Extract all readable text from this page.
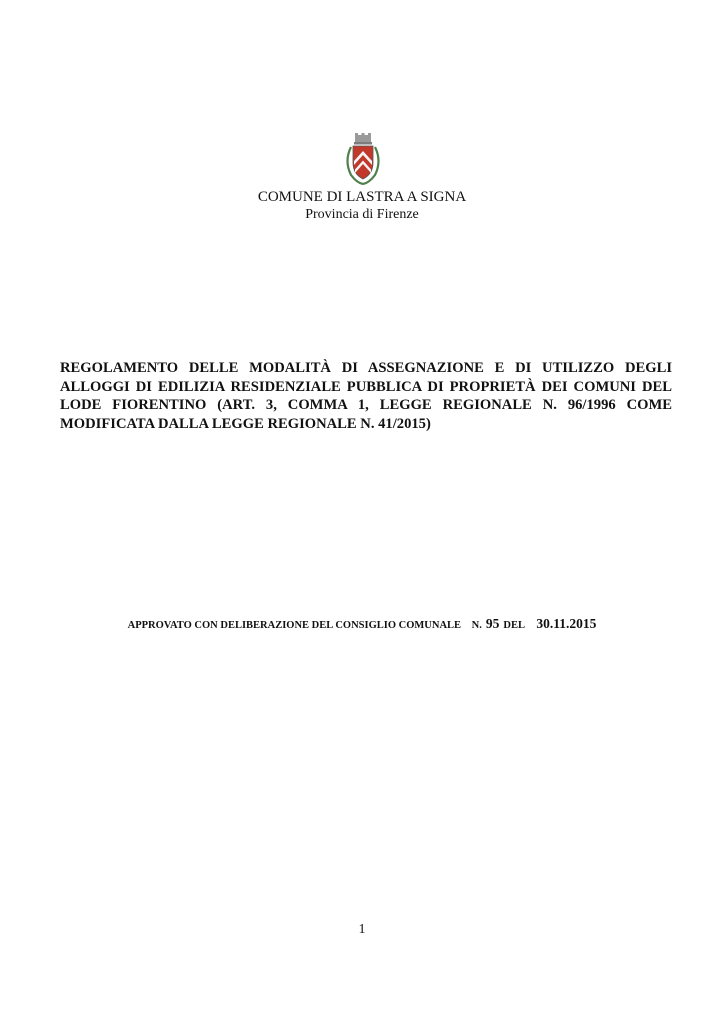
COMUNE DI LASTRA A SIGNA
Provincia di Firenze
REGOLAMENTO DELLE MODALITÀ DI ASSEGNAZIONE E DI UTILIZZO DEGLI
ALLOGGI DI EDILIZIA RESIDENZIALE PUBBLICA DI PROPRIETÀ DEI COMUNI DEL
LODE FIORENTINO (ART. 3, COMMA 1, LEGGE REGIONALE N. 96/1996 COME
MODIFICATA DALLA LEGGE REGIONALE N. 41/2015)
APPROVATO CON DELIBERAZIONE DEL CONSIGLIO COMUNALE N. 95 DEL 30.11.2015
1
